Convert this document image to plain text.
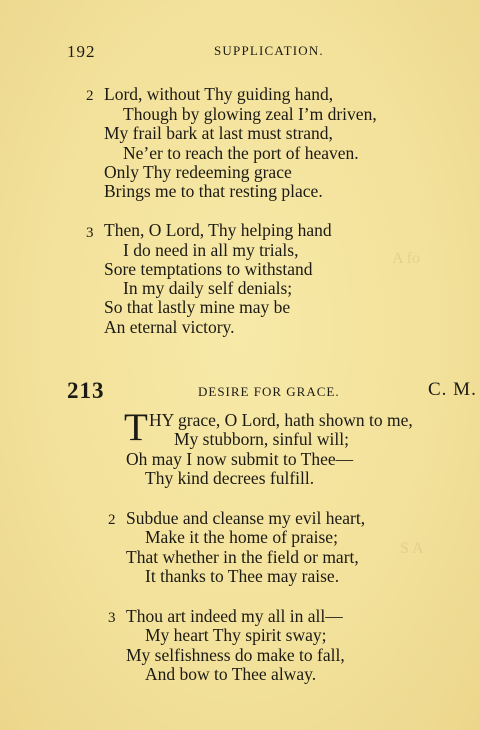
A fo
S A
192	SUPPLICATION.
2 Lord, without Thy guiding hand,
Though by glowing zeal I’m driven,
My frail bark at last must strand,
Ne’er to reach the port of heaven.
Only Thy redeeming grace
Brings me to that resting place.
3 Then, O Lord, Thy helping hand
I do need in all my trials,
Sore temptations to withstand
In my daily self denials;
So that lastly mine may be
An eternal victory.
213	DESIRE FOR GRACE.	C. M.
T HY grace, O Lord, hath shown to me,
My stubborn, sinful will;
Oh may I now submit to Thee—
Thy kind decrees fulfill.
2 Subdue and cleanse my evil heart,
Make it the home of praise;
That whether in the field or mart,
It thanks to Thee may raise.
3 Thou art indeed my all in all—
My heart Thy spirit sway;
My selfishness do make to fall,
And bow to Thee alway.
